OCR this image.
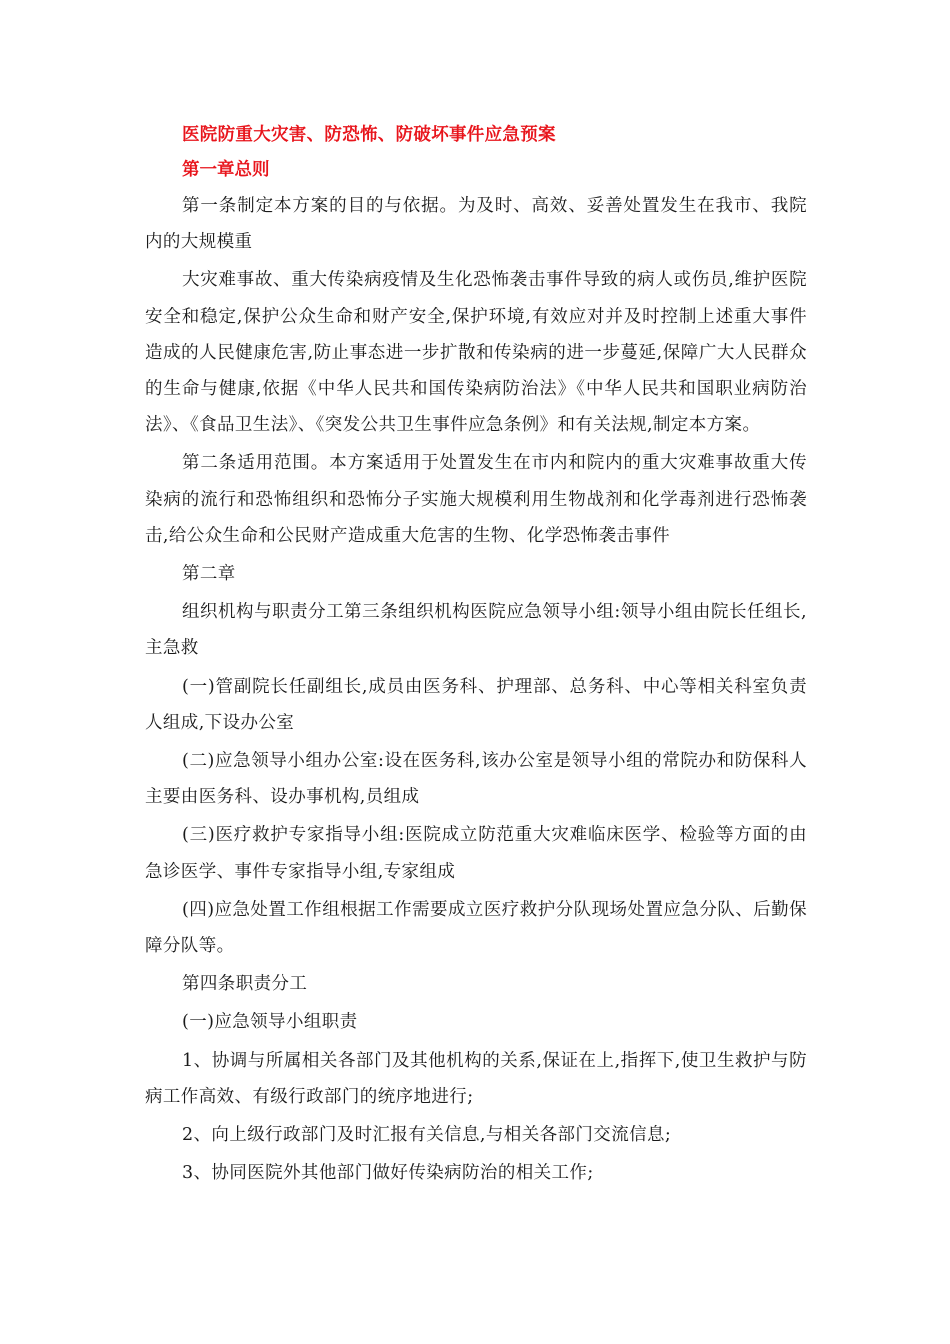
医院防重大灾害、防恐怖、防破坏事件应急预案

第一章总则

第一条制定本方案的目的与依据。为及时、高效、妥善处置发生在我市、我院内的大规模重

大灾难事故、重大传染病疫情及生化恐怖袭击事件导致的病人或伤员,维护医院安全和稳定,保护公众生命和财产安全,保护环境,有效应对并及时控制上述重大事件造成的人民健康危害,防止事态进一步扩散和传染病的进一步蔓延,保障广大人民群众的生命与健康,依据《中华人民共和国传染病防治法》《中华人民共和国职业病防治法》、《食品卫生法》、《突发公共卫生事件应急条例》和有关法规,制定本方案。

第二条适用范围。本方案适用于处置发生在市内和院内的重大灾难事故重大传染病的流行和恐怖组织和恐怖分子实施大规模利用生物战剂和化学毒剂进行恐怖袭击,给公众生命和公民财产造成重大危害的生物、化学恐怖袭击事件

第二章

组织机构与职责分工第三条组织机构医院应急领导小组:领导小组由院长任组长,主急救

(一)管副院长任副组长,成员由医务科、护理部、总务科、中心等相关科室负责人组成,下设办公室

(二)应急领导小组办公室:设在医务科,该办公室是领导小组的常院办和防保科人主要由医务科、设办事机构,员组成

(三)医疗救护专家指导小组:医院成立防范重大灾难临床医学、检验等方面的由急诊医学、事件专家指导小组,专家组成

(四)应急处置工作组根据工作需要成立医疗救护分队现场处置应急分队、后勤保障分队等。

第四条职责分工

(一)应急领导小组职责

1、协调与所属相关各部门及其他机构的关系,保证在上,指挥下,使卫生救护与防病工作高效、有级行政部门的统序地进行;

2、向上级行政部门及时汇报有关信息,与相关各部门交流信息;

3、协同医院外其他部门做好传染病防治的相关工作;
